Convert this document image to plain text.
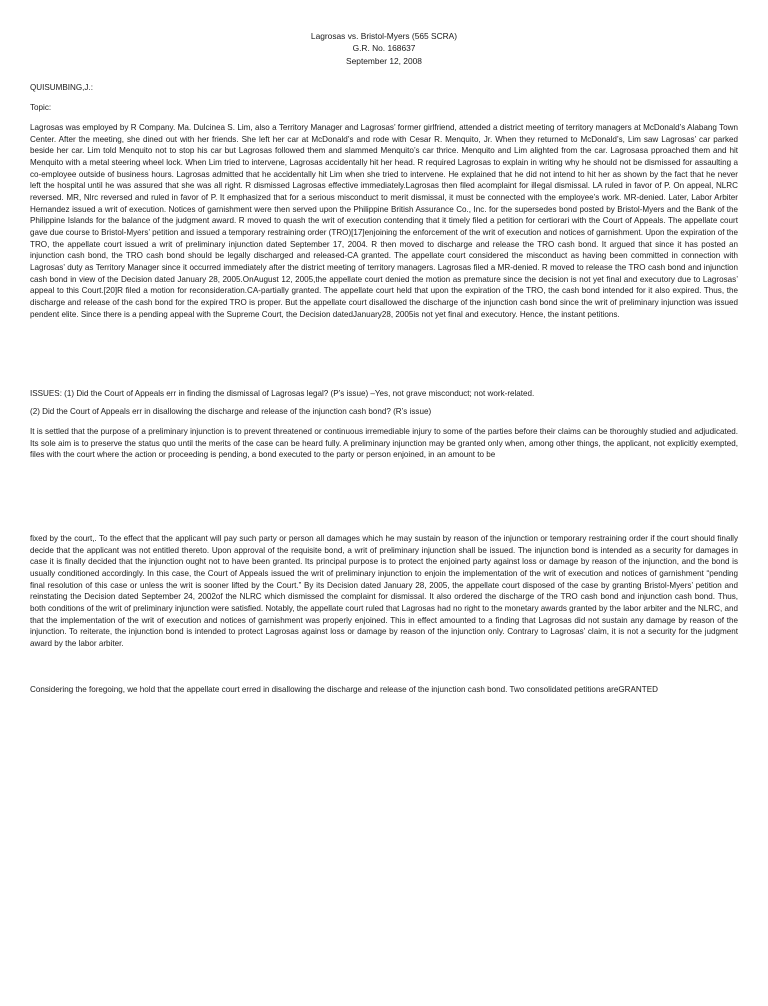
Lagrosas vs. Bristol-Myers (565 SCRA)
G.R. No. 168637
September 12, 2008
QUISUMBING,J.:
Topic:

Lagrosas was employed by R Company. Ma. Dulcinea S. Lim, also a Territory Manager and Lagrosas’ former girlfriend, attended a district meeting of territory managers at McDonald’s Alabang Town Center. After the meeting, she dined out with her friends. She left her car at McDonald’s and rode with Cesar R. Menquito, Jr. When they returned to McDonald’s, Lim saw Lagrosas’ car parked beside her car. Lim told Menquito not to stop his car but Lagrosas followed them and slammed Menquito’s car thrice. Menquito and Lim alighted from the car. Lagrosasa pproached them and hit Menquito with a metal steering wheel lock. When Lim tried to intervene, Lagrosas accidentally hit her head. R required Lagrosas to explain in writing why he should not be dismissed for assaulting a co-employee outside of business hours. Lagrosas admitted that he accidentally hit Lim when she tried to intervene. He explained that he did not intend to hit her as shown by the fact that he never left the hospital until he was assured that she was all right. R dismissed Lagrosas effective immediately.Lagrosas then filed acomplaint for illegal dismissal. LA ruled in favor of P. On appeal, NLRC reversed. MR, Nlrc reversed and ruled in favor of P. It emphasized that for a serious misconduct to merit dismissal, it must be connected with the employee’s work. MR-denied. Later, Labor Arbiter Hernandez issued a writ of execution. Notices of garnishment were then served upon the Philippine British Assurance Co., Inc. for the supersedes bond posted by Bristol-Myers and the Bank of the Philippine Islands for the balance of the judgment award. R moved to quash the writ of execution contending that it timely filed a petition for certiorari with the Court of Appeals. The appellate court gave due course to Bristol-Myers’ petition and issued a temporary restraining order (TRO)[17]enjoining the enforcement of the writ of execution and notices of garnishment. Upon the expiration of the TRO, the appellate court issued a writ of preliminary injunction dated September 17, 2004. R then moved to discharge and release the TRO cash bond. It argued that since it has posted an injunction cash bond, the TRO cash bond should be legally discharged and released-CA granted. The appellate court considered the misconduct as having been committed in connection with Lagrosas’ duty as Territory Manager since it occurred immediately after the district meeting of territory managers. Lagrosas filed a MR-denied. R moved to release the TRO cash bond and injunction cash bond in view of the Decision dated January 28, 2005.OnAugust 12, 2005,the appellate court denied the motion as premature since the decision is not yet final and executory due to Lagrosas’ appeal to this Court.[20]R filed a motion for reconsideration.CA-partially granted. The appellate court held that upon the expiration of the TRO, the cash bond intended for it also expired. Thus, the discharge and release of the cash bond for the expired TRO is proper. But the appellate court disallowed the discharge of the injunction cash bond since the writ of preliminary injunction was issued pendent elite. Since there is a pending appeal with the Supreme Court, the Decision datedJanuary28, 2005is not yet final and executory. Hence, the instant petitions.

ISSUES: (1) Did the Court of Appeals err in finding the dismissal of Lagrosas legal? (P’s issue) –Yes, not grave misconduct; not work-related.

(2) Did the Court of Appeals err in disallowing the discharge and release of the injunction cash bond? (R’s issue)

It is settled that the purpose of a preliminary injunction is to prevent threatened or continuous irremediable injury to some of the parties before their claims can be thoroughly studied and adjudicated. Its sole aim is to preserve the status quo until the merits of the case can be heard fully. A preliminary injunction may be granted only when, among other things, the applicant, not explicitly exempted, files with the court where the action or proceeding is pending, a bond executed to the party or person enjoined, in an amount to be

fixed by the court,. To the effect that the applicant will pay such party or person all damages which he may sustain by reason of the injunction or temporary restraining order if the court should finally decide that the applicant was not entitled thereto. Upon approval of the requisite bond, a writ of preliminary injunction shall be issued. The injunction bond is intended as a security for damages in case it is finally decided that the injunction ought not to have been granted. Its principal purpose is to protect the enjoined party against loss or damage by reason of the injunction, and the bond is usually conditioned accordingly. In this case, the Court of Appeals issued the writ of preliminary injunction to enjoin the implementation of the writ of execution and notices of garnishment “pending final resolution of this case or unless the writ is sooner lifted by the Court.” By its Decision dated January 28, 2005, the appellate court disposed of the case by granting Bristol-Myers’ petition and reinstating the Decision dated September 24, 2002of the NLRC which dismissed the complaint for dismissal. It also ordered the discharge of the TRO cash bond and injunction cash bond. Thus, both conditions of the writ of preliminary injunction were satisfied. Notably, the appellate court ruled that Lagrosas had no right to the monetary awards granted by the labor arbiter and the NLRC, and that the implementation of the writ of execution and notices of garnishment was properly enjoined. This in effect amounted to a finding that Lagrosas did not sustain any damage by reason of the injunction. To reiterate, the injunction bond is intended to protect Lagrosas against loss or damage by reason of the injunction only. Contrary to Lagrosas’ claim, it is not a security for the judgment award by the labor arbiter.

Considering the foregoing, we hold that the appellate court erred in disallowing the discharge and release of the injunction cash bond. Two consolidated petitions areGRANTED
